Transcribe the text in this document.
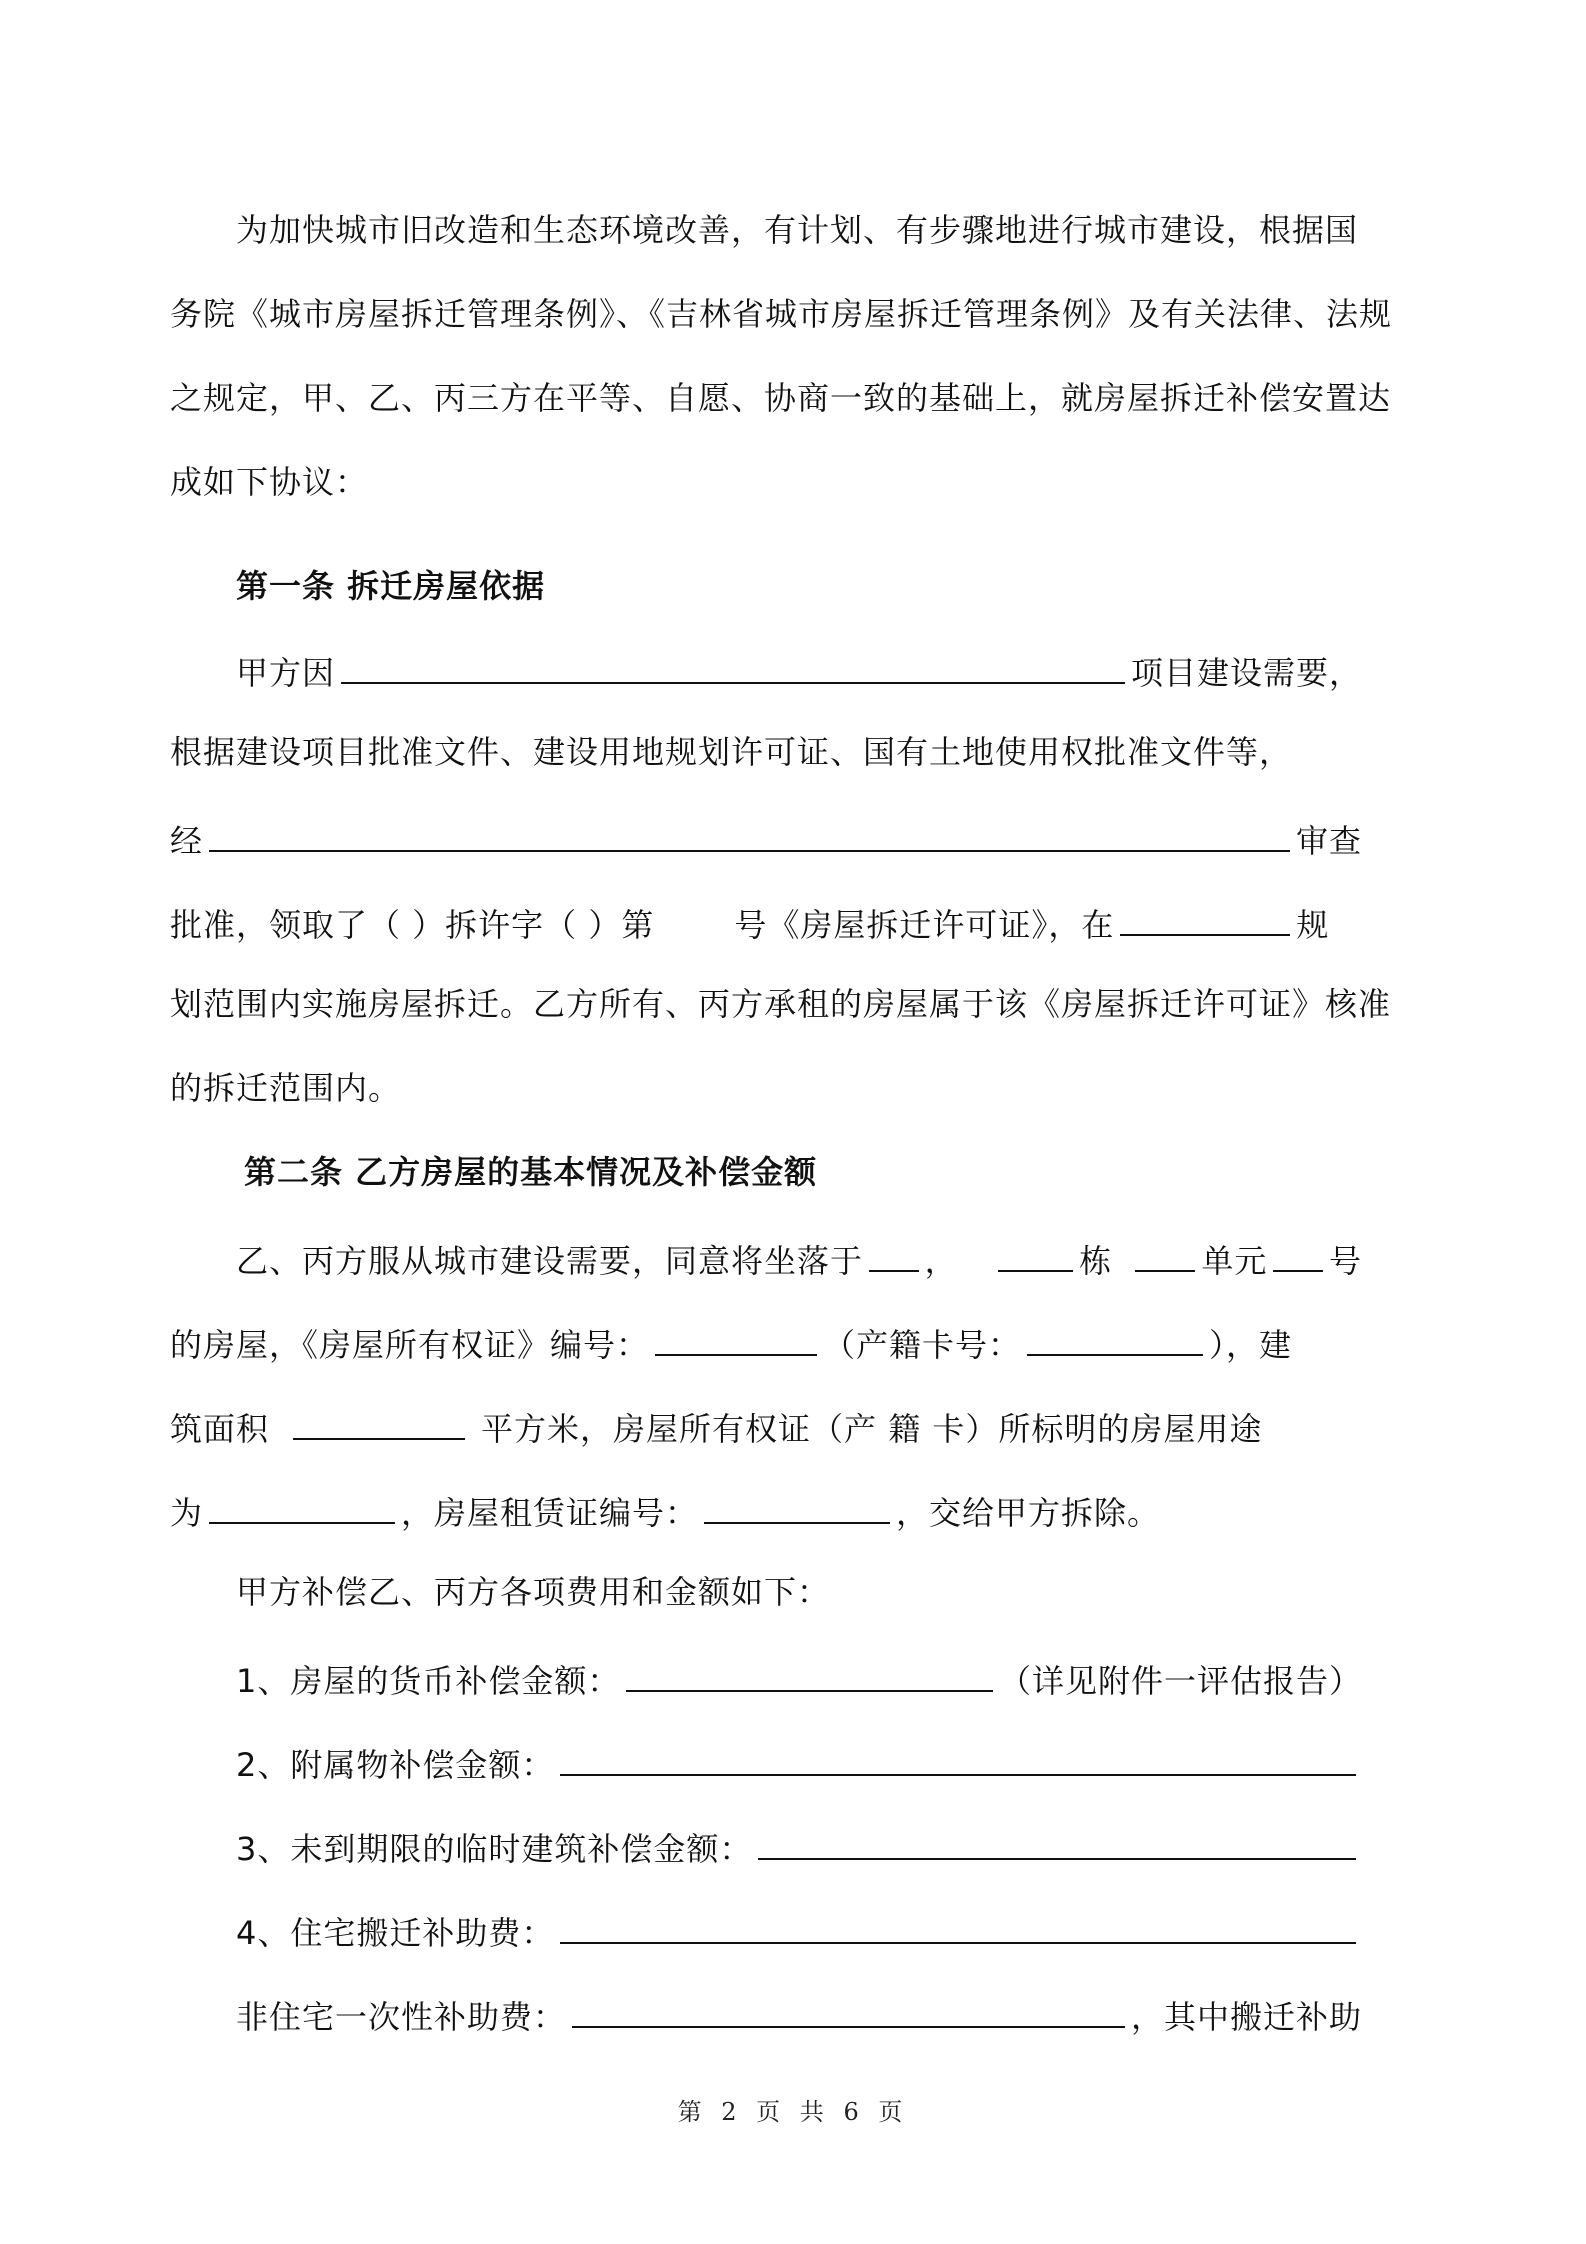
为加快城市旧改造和生态环境改善，有计划、有步骤地进行城市建设，根据国
务院《城市房屋拆迁管理条例》、《吉林省城市房屋拆迁管理条例》及有关法律、法规
之规定，甲、乙、丙三方在平等、自愿、协商一致的基础上，就房屋拆迁补偿安置达
成如下协议：
第一条 拆迁房屋依据
甲方因	项目建设需要，
根据建设项目批准文件、建设用地规划许可证、国有土地使用权批准文件等，
经	审查
批准，领取了（ ）拆许字（ ）第	号《房屋拆迁许可证》，在	规
划范围内实施房屋拆迁。乙方所有、丙方承租的房屋属于该《房屋拆迁许可证》核准
的拆迁范围内。
第二条 乙方房屋的基本情况及补偿金额
乙、丙方服从城市建设需要，同意将坐落于 ，	栋	单元 号
的房屋，《房屋所有权证》编号：	（产籍卡号：	），建
筑面积	平方米，房屋所有权证（产 籍 卡）所标明的房屋用途
为	，房屋租赁证编号：	，交给甲方拆除。
甲方补偿乙、丙方各项费用和金额如下：
1、房屋的货币补偿金额：	（详见附件一评估报告）
2、附属物补偿金额：
3、未到期限的临时建筑补偿金额：
4、住宅搬迁补助费：
非住宅一次性补助费：	，其中搬迁补助
第 2 页 共 6 页
